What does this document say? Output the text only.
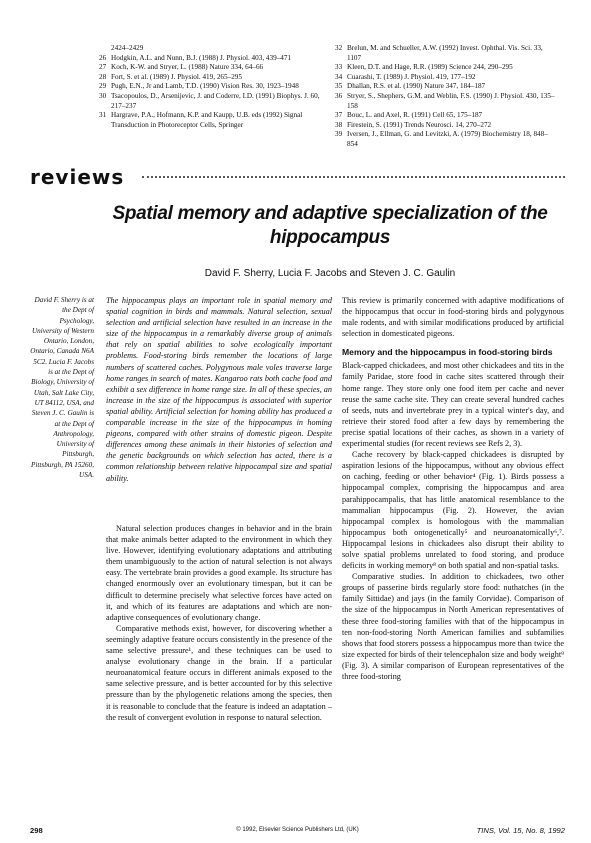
2424–2429
26 Hodgkin, A.L. and Nunn, B.J. (1988) J. Physiol. 403, 439–471
27 Koch, K-W. and Stryer, L. (1988) Nature 334, 64–66
28 Fort, S. et al. (1989) J. Physiol. 419, 265–295
29 Pugh, E.N., Jr and Lamb, T.D. (1990) Vision Res. 30, 1923–1948
30 Tsacopoulos, D., Arsenijevic, J. and Coderre, I.D. (1991) Biophys. J. 60, 217–237
31 Hargrave, P.A., Hofmann, K.P. and Kaupp, U.B. eds (1992) Signal Transduction in Photoreceptor Cells, Springer
32 Brelun, M. and Schueller, A.W. (1992) Invest. Ophthal. Vis. Sci. 33, 1107
33 Kleen, D.T. and Hage, R.R. (1989) Science 244, 290–295
34 Cuarashi, T. (1989) J. Physiol. 419, 177–192
35 Dhallan, R.S. et al. (1990) Nature 347, 184–187
36 Stryer, S., Shephers, G.M. and Weblin, F.S. (1990) J. Physiol. 430, 135–158
37 Bouc, L. and Axel, R. (1991) Cell 65, 175–187
38 Firestein, S. (1991) Trends Neurosci. 14, 270–272
39 Iversen, J., Ellman, G. and Levitzki, A. (1979) Biochemistry 18, 848–854
reviews
Spatial memory and adaptive specialization of the hippocampus
David F. Sherry, Lucia F. Jacobs and Steven J. C. Gaulin
David F. Sherry is at the Dept of Psychology, University of Western Ontario, London, Ontario, Canada N6A 5C2. Lucia F. Jacobs is at the Dept of Biology, University of Utah, Salt Lake City, UT 84112, USA, and Steven J. C. Gaulin is at the Dept of Anthropology, University of Pittsburgh, Pittsburgh, PA 15260, USA.
The hippocampus plays an important role in spatial memory and spatial cognition in birds and mammals. Natural selection, sexual selection and artificial selection have resulted in an increase in the size of the hippocampus in a remarkably diverse group of animals that rely on spatial abilities to solve ecologically important problems. Food-storing birds remember the locations of large numbers of scattered caches. Polygynous male voles traverse large home ranges in search of mates. Kangaroo rats both cache food and exhibit a sex difference in home range size. In all of these species, an increase in the size of the hippocampus is associated with superior spatial ability. Artificial selection for homing ability has produced a comparable increase in the size of the hippocampus in homing pigeons, compared with other strains of domestic pigeon. Despite differences among these animals in their histories of selection and the genetic backgrounds on which selection has acted, there is a common relationship between relative hippocampal size and spatial ability.

Natural selection produces changes in behavior and in the brain that make animals better adapted to the environment in which they live. However, identifying evolutionary adaptations and attributing them unambiguously to the action of natural selection is not always easy. The vertebrate brain provides a good example. Its structure has changed enormously over an evolutionary timespan, but it can be difficult to determine precisely what selective forces have acted on it, and which of its features are adaptations and which are non-adaptive consequences of evolutionary change.

Comparative methods exist, however, for discovering whether a seemingly adaptive feature occurs consistently in the presence of the same selective pressure¹, and these techniques can be used to analyse evolutionary change in the brain. If a particular neuroanatomical feature occurs in different animals exposed to the same selective pressure, and is better accounted for by this selective pressure than by the phylogenetic relations among the species, then it is reasonable to conclude that the feature is indeed an adaptation – the result of convergent evolution in response to natural selection.

This review is primarily concerned with adaptive modifications of the hippocampus that occur in food-storing birds and polygynous male rodents, and with similar modifications produced by artificial selection in domesticated pigeons.

Memory and the hippocampus in food-storing birds

Black-capped chickadees, and most other chickadees and tits in the family Paridae, store food in cache sites scattered through their home range. They store only one food item per cache and never reuse the same cache site. They can create several hundred caches of seeds, nuts and invertebrate prey in a typical winter's day, and retrieve their stored food after a few days by remembering the precise spatial locations of their caches, as shown in a variety of experimental studies (for recent reviews see Refs 2, 3).

Cache recovery by black-capped chickadees is disrupted by aspiration lesions of the hippocampus, without any obvious effect on caching, feeding or other behavior⁴ (Fig. 1). Birds possess a hippocampal complex, comprising the hippocampus and area parahippocampalis, that has little anatomical resemblance to the mammalian hippocampus (Fig. 2). However, the avian hippocampal complex is homologous with the mammalian hippocampus both ontogenetically⁵ and neuroanatomically⁶,⁷. Hippocampal lesions in chickadees also disrupt their ability to solve spatial problems unrelated to food storing, and produce deficits in working memory⁸ on both spatial and non-spatial tasks.

Comparative studies. In addition to chickadees, two other groups of passerine birds regularly store food: nuthatches (in the family Sittidae) and jays (in the family Corvidae). Comparison of the size of the hippocampus in North American representatives of these three food-storing families with that of the hippocampus in ten non-food-storing North American families and subfamilies shows that food storers possess a hippocampus more than twice the size expected for birds of their telencephalon size and body weight⁹ (Fig. 3). A similar comparison of European representatives of the three food-storing

298	© 1992, Elsevier Science Publishers Ltd, (UK)	TINS, Vol. 15, No. 8, 1992
